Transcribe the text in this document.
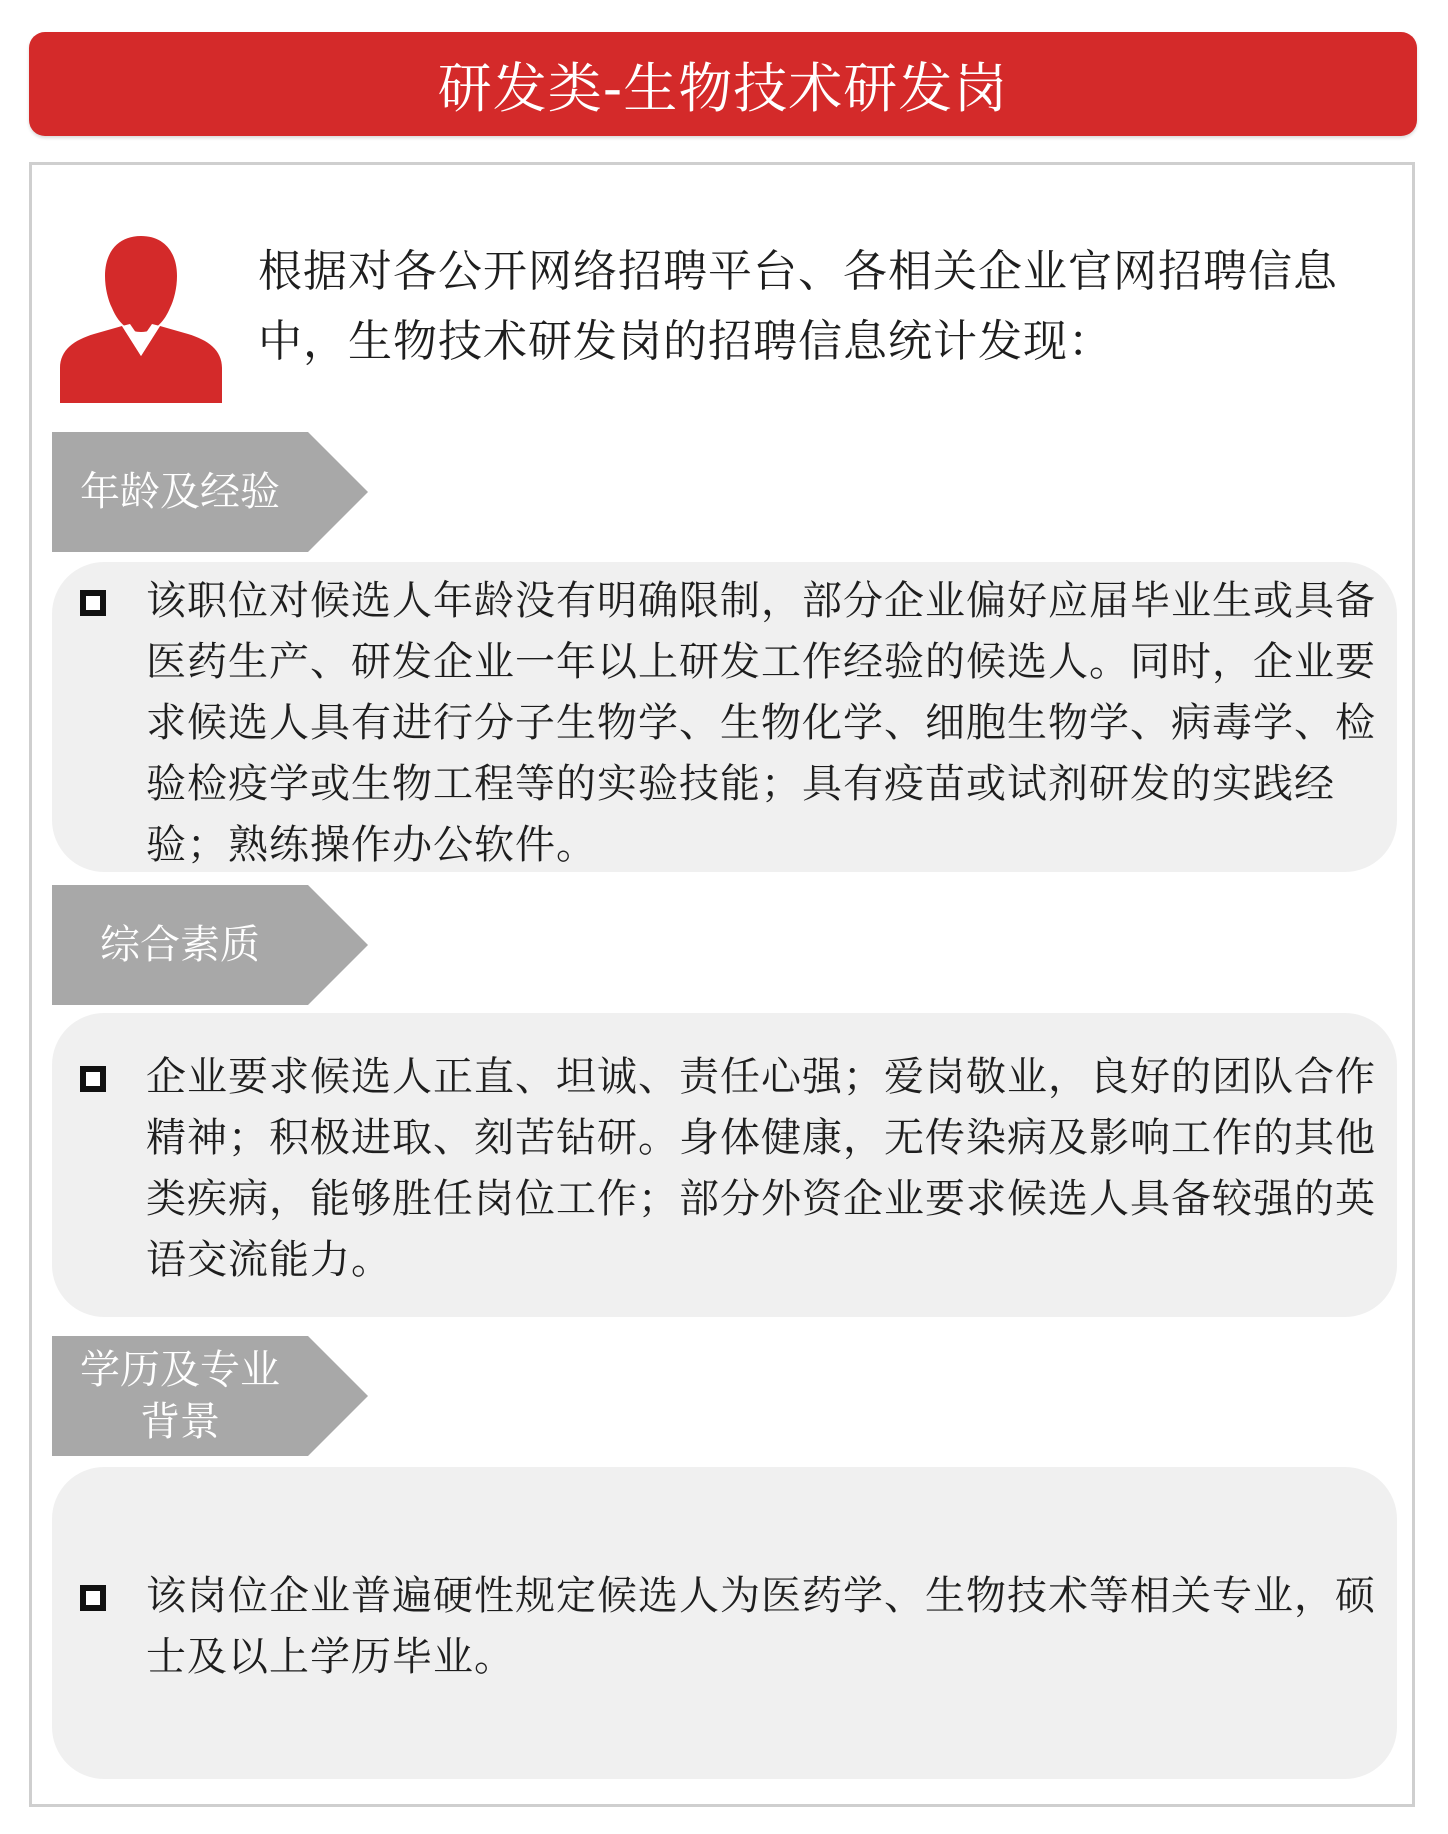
研发类-生物技术研发岗
根据对各公开网络招聘平台、各相关企业官网招聘信息中，生物技术研发岗的招聘信息统计发现：
年龄及经验
该职位对候选人年龄没有明确限制，部分企业偏好应届毕业生或具备医药生产、研发企业一年以上研发工作经验的候选人。同时，企业要求候选人具有进行分子生物学、生物化学、细胞生物学、病毒学、检验检疫学或生物工程等的实验技能；具有疫苗或试剂研发的实践经验；熟练操作办公软件。
综合素质
企业要求候选人正直、坦诚、责任心强；爱岗敬业，良好的团队合作精神；积极进取、刻苦钻研。身体健康，无传染病及影响工作的其他类疾病，能够胜任岗位工作；部分外资企业要求候选人具备较强的英语交流能力。
学历及专业背景
该岗位企业普遍硬性规定候选人为医药学、生物技术等相关专业，硕士及以上学历毕业。
